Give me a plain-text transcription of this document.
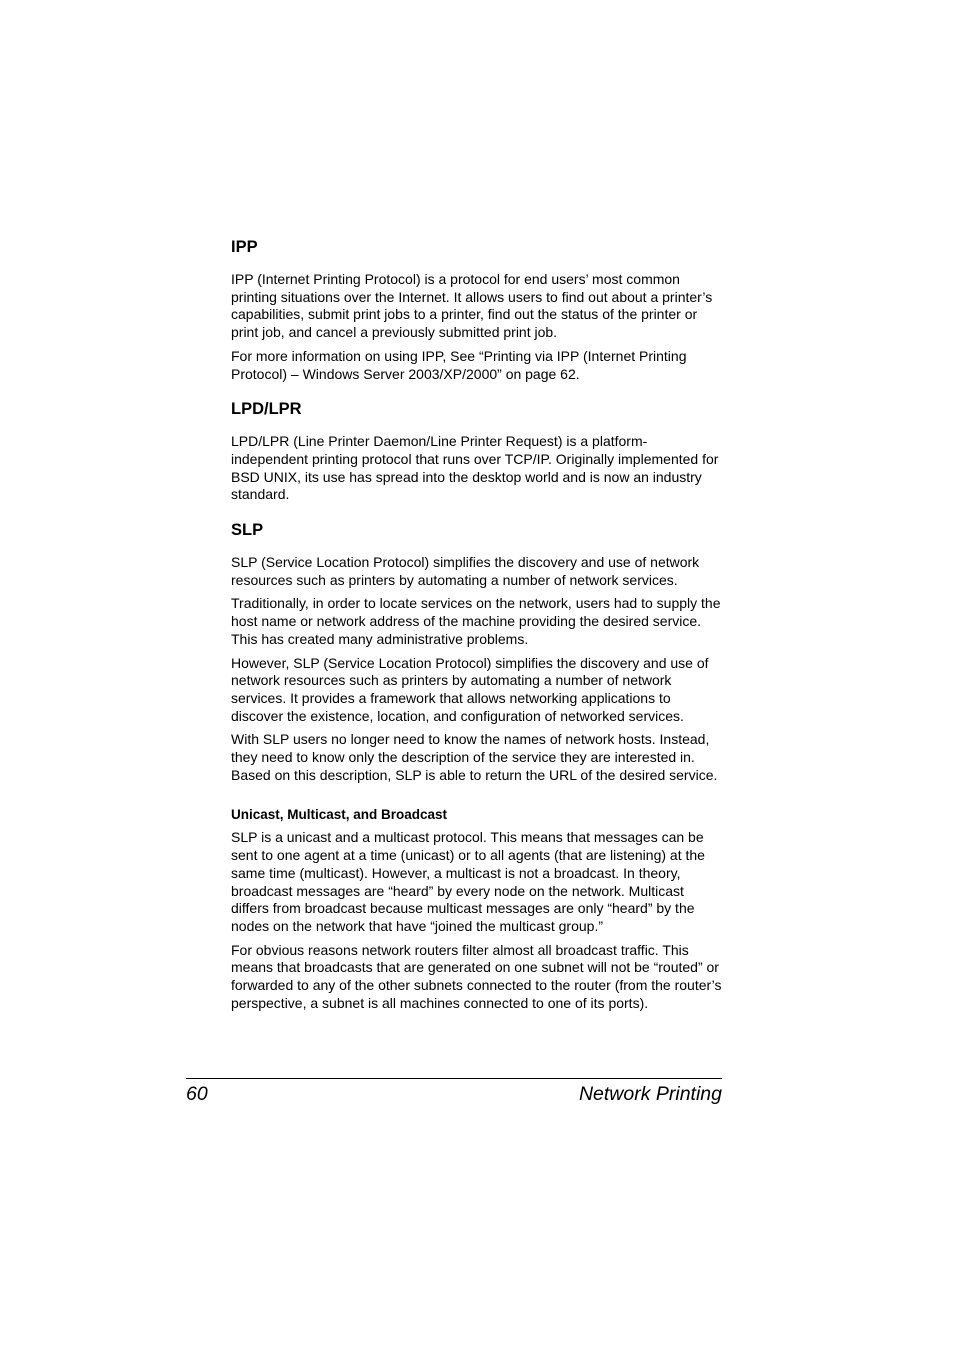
IPP

IPP (Internet Printing Protocol) is a protocol for end users’ most common printing situations over the Internet. It allows users to find out about a printer’s capabilities, submit print jobs to a printer, find out the status of the printer or print job, and cancel a previously submitted print job.

For more information on using IPP, See “Printing via IPP (Internet Printing Protocol) – Windows Server 2003/XP/2000” on page 62.

LPD/LPR

LPD/LPR (Line Printer Daemon/Line Printer Request) is a platform-independent printing protocol that runs over TCP/IP. Originally implemented for BSD UNIX, its use has spread into the desktop world and is now an industry standard.

SLP

SLP (Service Location Protocol) simplifies the discovery and use of network resources such as printers by automating a number of network services.

Traditionally, in order to locate services on the network, users had to supply the host name or network address of the machine providing the desired service. This has created many administrative problems.

However, SLP (Service Location Protocol) simplifies the discovery and use of network resources such as printers by automating a number of network services. It provides a framework that allows networking applications to discover the existence, location, and configuration of networked services.

With SLP users no longer need to know the names of network hosts. Instead, they need to know only the description of the service they are interested in. Based on this description, SLP is able to return the URL of the desired service.

Unicast, Multicast, and Broadcast

SLP is a unicast and a multicast protocol. This means that messages can be sent to one agent at a time (unicast) or to all agents (that are listening) at the same time (multicast). However, a multicast is not a broadcast. In theory, broadcast messages are “heard” by every node on the network. Multicast differs from broadcast because multicast messages are only “heard” by the nodes on the network that have “joined the multicast group.”

For obvious reasons network routers filter almost all broadcast traffic. This means that broadcasts that are generated on one subnet will not be “routed” or forwarded to any of the other subnets connected to the router (from the router’s perspective, a subnet is all machines connected to one of its ports).

60	Network Printing
